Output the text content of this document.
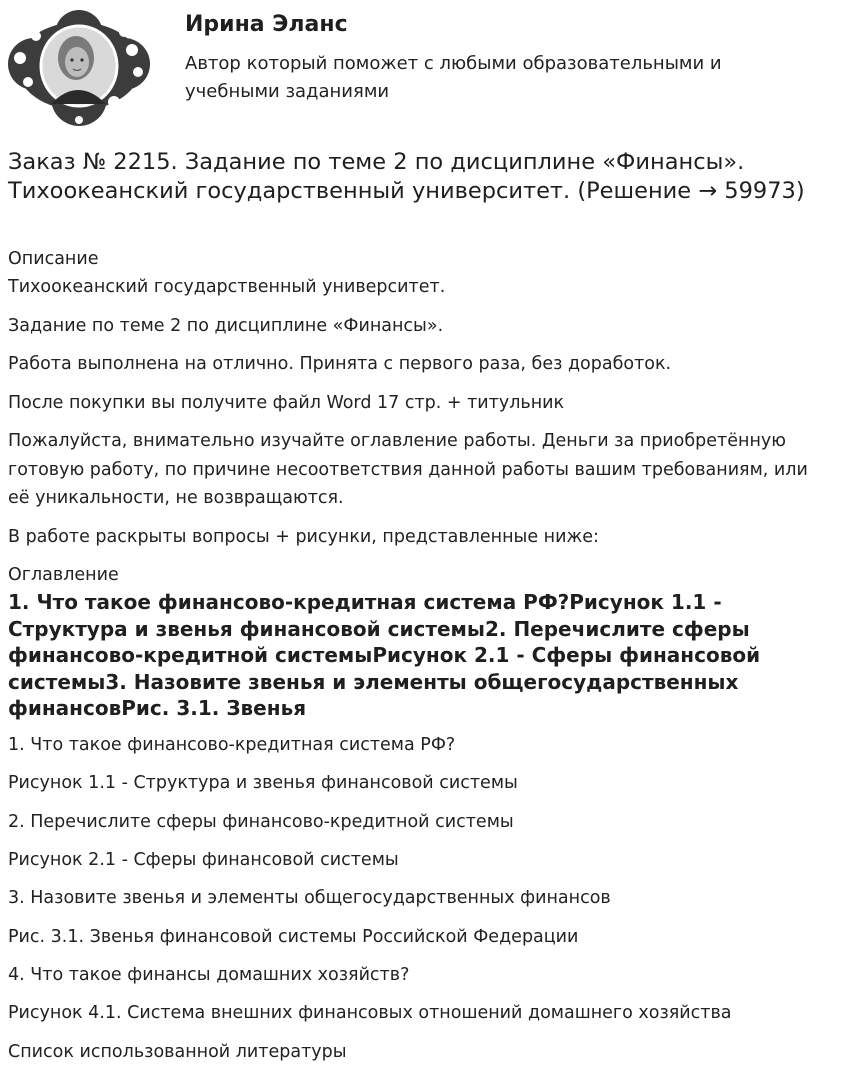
Ирина Эланс
Автор который поможет с любыми образовательными и учебными заданиями
Заказ № 2215. Задание по теме 2 по дисциплине «Финансы». Тихоокеанский государственный университет. (Решение → 59973)
Описание
Тихоокеанский государственный университет.
Задание по теме 2 по дисциплине «Финансы».
Работа выполнена на отлично. Принята с первого раза, без доработок.
После покупки вы получите файл Word 17 стр. + титульник
Пожалуйста, внимательно изучайте оглавление работы. Деньги за приобретённую готовую работу, по причине несоответствия данной работы вашим требованиям, или её уникальности, не возвращаются.
В работе раскрыты вопросы + рисунки, представленные ниже:
Оглавление
1. Что такое финансово-кредитная система РФ?Рисунок 1.1 - Структура и звенья финансовой системы2. Перечислите сферы финансово-кредитной системыРисунок 2.1 - Сферы финансовой системы3. Назовите звенья и элементы общегосударственных финансовРис. 3.1. Звенья
1. Что такое финансово-кредитная система РФ?
Рисунок 1.1 - Структура и звенья финансовой системы
2. Перечислите сферы финансово-кредитной системы
Рисунок 2.1 - Сферы финансовой системы
3. Назовите звенья и элементы общегосударственных финансов
Рис. 3.1. Звенья финансовой системы Российской Федерации
4. Что такое финансы домашних хозяйств?
Рисунок 4.1. Система внешних финансовых отношений домашнего хозяйства
Список использованной литературы
